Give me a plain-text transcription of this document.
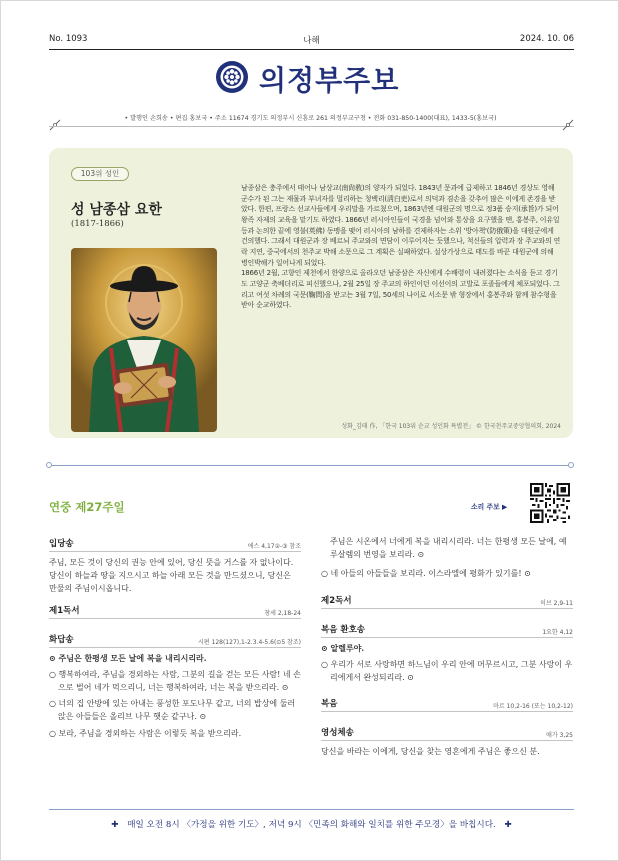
No. 1093	나해	2024. 10. 06
의정부주보
• 발행인 손희송 • 편집 홍보국 • 주소 11674 경기도 의정부시 신흥로 261 의정부교구청 • 전화 031-850-1400(대표), 1433-5(홍보국)
103위 성인
성 남종삼 요한
(1817-1866)

남종삼은 충주에서 태어나 남상교(南尙敎)의 양자가 되었다. 1843년 문과에 급제하고 1846년 경상도 영해 군수가 된 그는 재물과 부녀자를 멀리하는 청백리(淸白吏)로서 의덕과 겸손을 갖추어 많은 이에게 존경을 받았다. 한편, 프랑스 선교사들에게 우리말을 가르쳤으며, 1863년엔 대원군의 명으로 정3품 승지(承旨)가 되어 왕족 자제의 교육을 맡기도 하였다. 1866년 러시아인들이 국경을 넘어와 통상을 요구했을 땐, 홍봉주, 이유일 등과 논의한 끝에 영불(英佛) 동맹을 맺어 러시아의 남하를 견제하자는 소위 '방아책'(防俄策)을 대원군에게 건의했다. 그래서 대원군과 장 베르뇌 주교와의 면담이 이루어지는 듯했으나, 척신들의 압력과 장 주교와의 연락 지연, 중국에서의 천주교 박해 소문으로 그 계획은 실패하였다. 설상가상으로 태도를 바꾼 대원군에 의해 병인박해가 일어나게 되었다.

1866년 2월, 고향인 제천에서 한양으로 올라오던 남종삼은 자신에게 수배령이 내려졌다는 소식을 듣고 경기도 고양군 축베더리로 피신했으나, 2월 25일 장 주교의 하인이던 이선이의 고발로 포졸들에게 체포되었다. 그리고 여섯 차례의 국문(鞠問)을 받고는 3월 7일, 50세의 나이로 서소문 밖 형장에서 홍봉주와 함께 참수형을 받아 순교하였다.

성화_김태 作, 「한국 103위 순교 성인화 특별전」 © 한국천주교중앙협의회, 2024
연중 제27주일	소리 주보 ▶
입당송	에스 4,17②-③ 참조
주님, 모든 것이 당신의 권능 안에 있어, 당신 뜻을 거스를 자 없나이다. 당신이 하늘과 땅을 지으시고 하늘 아래 모든 것을 만드셨으니, 당신은 만물의 주님이시옵니다.
제1독서	창세 2,18-24
화답송	시편 128(127),1-2.3.4-5.6(⊙5 참조)
⊙ 주님은 한평생 모든 날에 복을 내리시리라.
○ 행복하여라, 주님을 경외하는 사람, 그분의 길을 걷는 모든 사람! 네 손으로 벌어 네가 먹으리니, 너는 행복하여라, 너는 복을 받으리라. ⊙
○ 너의 집 안방에 있는 아내는 풍성한 포도나무 같고, 너의 밥상에 둘러앉은 아들들은 올리브 나무 햇순 같구나. ⊙
○ 보라, 주님을 경외하는 사람은 이렇듯 복을 받으리라.
주님은 시온에서 너에게 복을 내리시리라. 너는 한평생 모든 날에, 예루살렘의 번영을 보리라. ⊙
○ 네 아들의 아들들을 보리라. 이스라엘에 평화가 있기를! ⊙
제2독서	히브 2,9-11
복음 환호송	1요한 4,12
⊙ 알렐루야.
○ 우리가 서로 사랑하면 하느님이 우리 안에 머무르시고, 그분 사랑이 우리에게서 완성되리라. ⊙
복음	마르 10,2-16 (또는 10,2-12)
영성체송	애가 3,25
당신을 바라는 이에게, 당신을 찾는 영혼에게 주님은 좋으신 분.
✚ 매일 오전 8시 〈가정을 위한 기도〉, 저녁 9시 〈민족의 화해와 일치를 위한 주모경〉을 바칩시다. ✚
